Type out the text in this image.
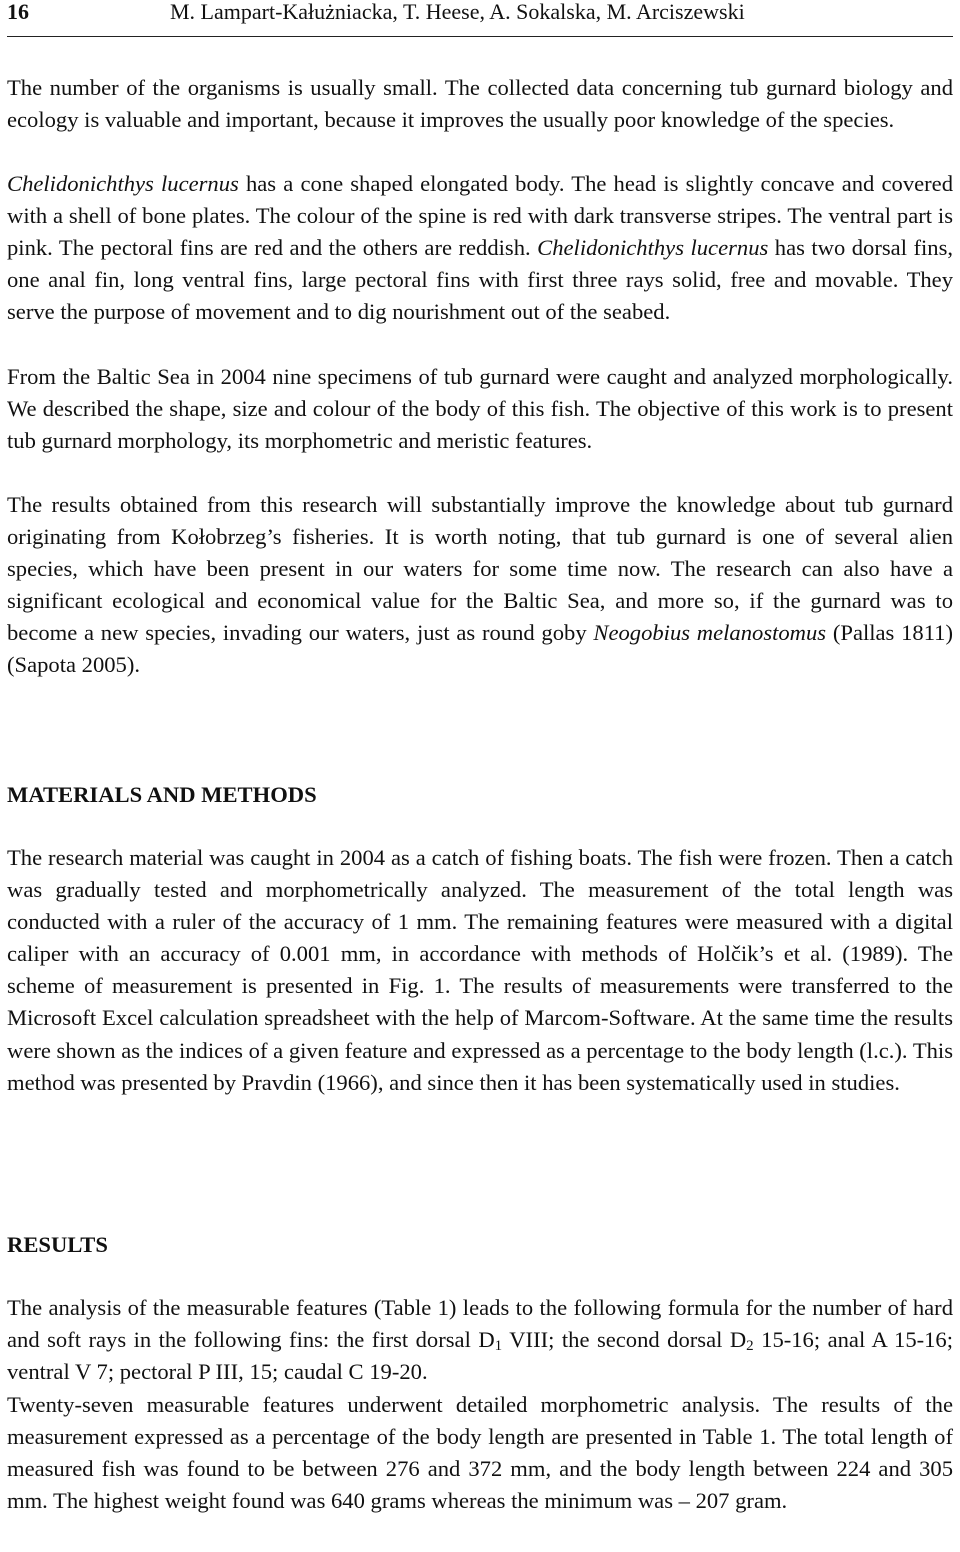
16	M. Lampart-Kałużniacka, T. Heese, A. Sokalska, M. Arciszewski

The number of the organisms is usually small. The collected data concerning tub gurnard biology and ecology is valuable and important, because it improves the usually poor knowledge of the species.

Chelidonichthys lucernus has a cone shaped elongated body. The head is slightly concave and covered with a shell of bone plates. The colour of the spine is red with dark transverse stripes. The ventral part is pink. The pectoral fins are red and the others are reddish. Chelidonichthys lucernus has two dorsal fins, one anal fin, long ventral fins, large pectoral fins with first three rays solid, free and movable. They serve the purpose of movement and to dig nourishment out of the seabed.

From the Baltic Sea in 2004 nine specimens of tub gurnard were caught and analyzed morphologically. We described the shape, size and colour of the body of this fish. The objective of this work is to present tub gurnard morphology, its morphometric and meristic features.

The results obtained from this research will substantially improve the knowledge about tub gurnard originating from Kołobrzeg’s fisheries. It is worth noting, that tub gurnard is one of several alien species, which have been present in our waters for some time now. The research can also have a significant ecological and economical value for the Baltic Sea, and more so, if the gurnard was to become a new species, invading our waters, just as round goby Neogobius melanostomus (Pallas 1811) (Sapota 2005).

MATERIALS AND METHODS

The research material was caught in 2004 as a catch of fishing boats. The fish were frozen. Then a catch was gradually tested and morphometrically analyzed. The measurement of the total length was conducted with a ruler of the accuracy of 1 mm. The remaining features were measured with a digital caliper with an accuracy of 0.001 mm, in accordance with methods of Holčik’s et al. (1989). The scheme of measurement is presented in Fig. 1. The results of measurements were transferred to the Microsoft Excel calculation spreadsheet with the help of Marcom-Software. At the same time the results were shown as the indices of a given feature and expressed as a percentage to the body length (l.c.). This method was presented by Pravdin (1966), and since then it has been systematically used in studies.

RESULTS

The analysis of the measurable features (Table 1) leads to the following formula for the number of hard and soft rays in the following fins: the first dorsal $D_1$ VIII; the second dorsal $D_2$ 15-16; anal A 15-16; ventral V 7; pectoral P III, 15; caudal C 19-20.

Twenty-seven measurable features underwent detailed morphometric analysis. The results of the measurement expressed as a percentage of the body length are presented in Table 1. The total length of measured fish was found to be between 276 and 372 mm, and the body length between 224 and 305 mm. The highest weight found was 640 grams whereas the minimum was – 207 gram.
